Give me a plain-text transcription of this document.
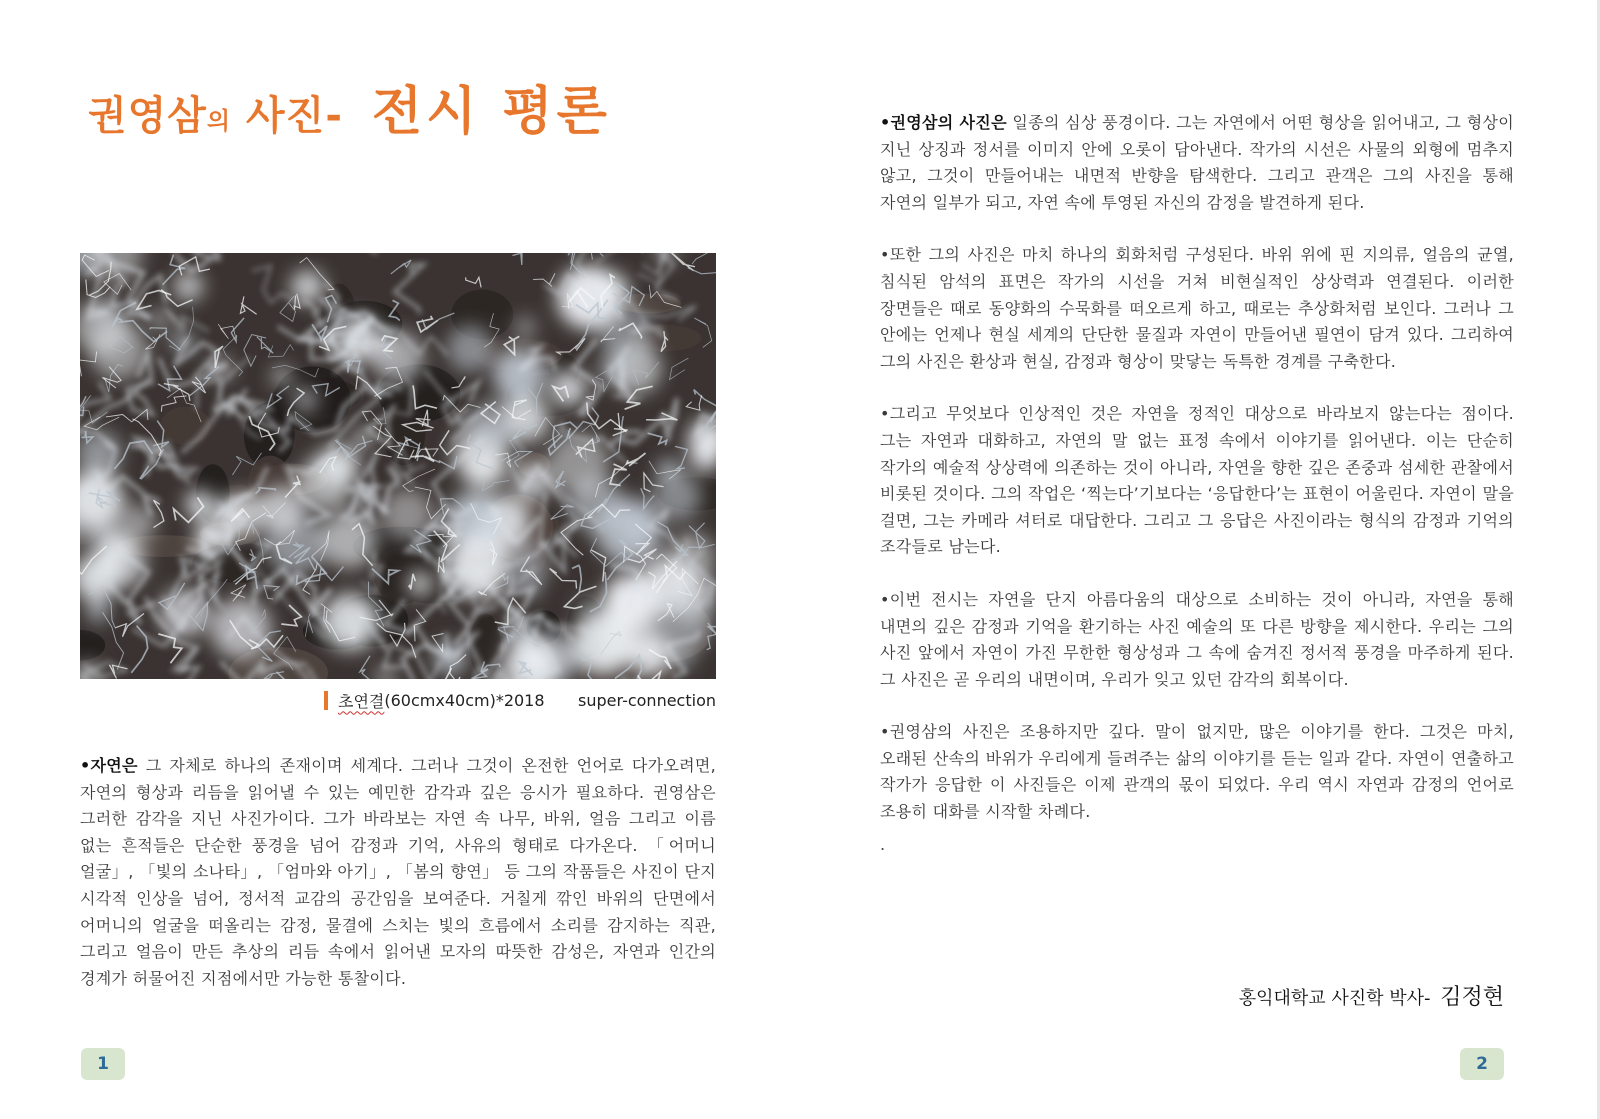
권영삼의 사진- 전시 평론
초연결 (60cmx40cm)*2018 super-connection

•자연은 그 자체로 하나의 존재이며 세계다. 그러나 그것이 온전한 언어로 다가오려면, 자연의 형상과 리듬을 읽어낼 수 있는 예민한 감각과 깊은 응시가 필요하다. 권영삼은 그러한 감각을 지닌 사진가이다. 그가 바라보는 자연 속 나무, 바위, 얼음 그리고 이름 없는 흔적들은 단순한 풍경을 넘어 감정과 기억, 사유의 형태로 다가온다. 「어머니 얼굴」, 「빛의 소나타」, 「엄마와 아기」, 「봄의 향연」 등 그의 작품들은 사진이 단지 시각적 인상을 넘어, 정서적 교감의 공간임을 보여준다. 거칠게 깎인 바위의 단면에서 어머니의 얼굴을 떠올리는 감정, 물결에 스치는 빛의 흐름에서 소리를 감지하는 직관, 그리고 얼음이 만든 추상의 리듬 속에서 읽어낸 모자의 따뜻한 감성은, 자연과 인간의 경계가 허물어진 지점에서만 가능한 통찰이다.

1

•권영삼의 사진은 일종의 심상 풍경이다. 그는 자연에서 어떤 형상을 읽어내고, 그 형상이 지닌 상징과 정서를 이미지 안에 오롯이 담아낸다. 작가의 시선은 사물의 외형에 멈추지 않고, 그것이 만들어내는 내면적 반향을 탐색한다. 그리고 관객은 그의 사진을 통해 자연의 일부가 되고, 자연 속에 투영된 자신의 감정을 발견하게 된다.

•또한 그의 사진은 마치 하나의 회화처럼 구성된다. 바위 위에 핀 지의류, 얼음의 균열, 침식된 암석의 표면은 작가의 시선을 거쳐 비현실적인 상상력과 연결된다. 이러한 장면들은 때로 동양화의 수묵화를 떠오르게 하고, 때로는 추상화처럼 보인다. 그러나 그 안에는 언제나 현실 세계의 단단한 물질과 자연이 만들어낸 필연이 담겨 있다. 그리하여 그의 사진은 환상과 현실, 감정과 형상이 맞닿는 독특한 경계를 구축한다.

•그리고 무엇보다 인상적인 것은 자연을 정적인 대상으로 바라보지 않는다는 점이다. 그는 자연과 대화하고, 자연의 말 없는 표정 속에서 이야기를 읽어낸다. 이는 단순히 작가의 예술적 상상력에 의존하는 것이 아니라, 자연을 향한 깊은 존중과 섬세한 관찰에서 비롯된 것이다. 그의 작업은 ‘찍는다’기보다는 ‘응답한다’는 표현이 어울린다. 자연이 말을 걸면, 그는 카메라 셔터로 대답한다. 그리고 그 응답은 사진이라는 형식의 감정과 기억의 조각들로 남는다.

•이번 전시는 자연을 단지 아름다움의 대상으로 소비하는 것이 아니라, 자연을 통해 내면의 깊은 감정과 기억을 환기하는 사진 예술의 또 다른 방향을 제시한다. 우리는 그의 사진 앞에서 자연이 가진 무한한 형상성과 그 속에 숨겨진 정서적 풍경을 마주하게 된다. 그 사진은 곧 우리의 내면이며, 우리가 잊고 있던 감각의 회복이다.

•권영삼의 사진은 조용하지만 깊다. 말이 없지만, 많은 이야기를 한다. 그것은 마치, 오래된 산속의 바위가 우리에게 들려주는 삶의 이야기를 듣는 일과 같다. 자연이 연출하고 작가가 응답한 이 사진들은 이제 관객의 몫이 되었다. 우리 역시 자연과 감정의 언어로 조용히 대화를 시작할 차례다.

.

홍익대학교 사진학 박사- 김정현
2
